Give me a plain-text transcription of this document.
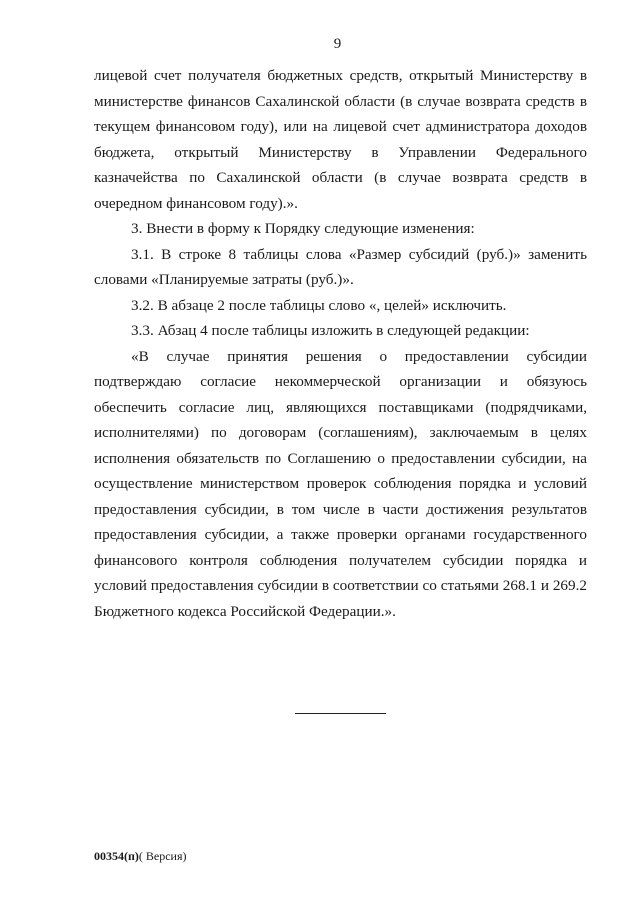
9

лицевой счет получателя бюджетных средств, открытый Министерству в министерстве финансов Сахалинской области (в случае возврата средств в текущем финансовом году), или на лицевой счет администратора доходов бюджета, открытый Министерству в Управлении Федерального казначейства по Сахалинской области (в случае возврата средств в очередном финансовом году).».

3. Внести в форму к Порядку следующие изменения:

3.1. В строке 8 таблицы слова «Размер субсидий (руб.)» заменить словами «Планируемые затраты (руб.)».

3.2. В абзаце 2 после таблицы слово «, целей» исключить.

3.3. Абзац 4 после таблицы изложить в следующей редакции:

«В случае принятия решения о предоставлении субсидии подтверждаю согласие некоммерческой организации и обязуюсь обеспечить согласие лиц, являющихся поставщиками (подрядчиками, исполнителями) по договорам (соглашениям), заключаемым в целях исполнения обязательств по Соглашению о предоставлении субсидии, на осуществление министерством проверок соблюдения порядка и условий предоставления субсидии, в том числе в части достижения результатов предоставления субсидии, а также проверки органами государственного финансового контроля соблюдения получателем субсидии порядка и условий предоставления субсидии в соответствии со статьями 268.1 и 269.2 Бюджетного кодекса Российской Федерации.».

00354(п)( Версия)
